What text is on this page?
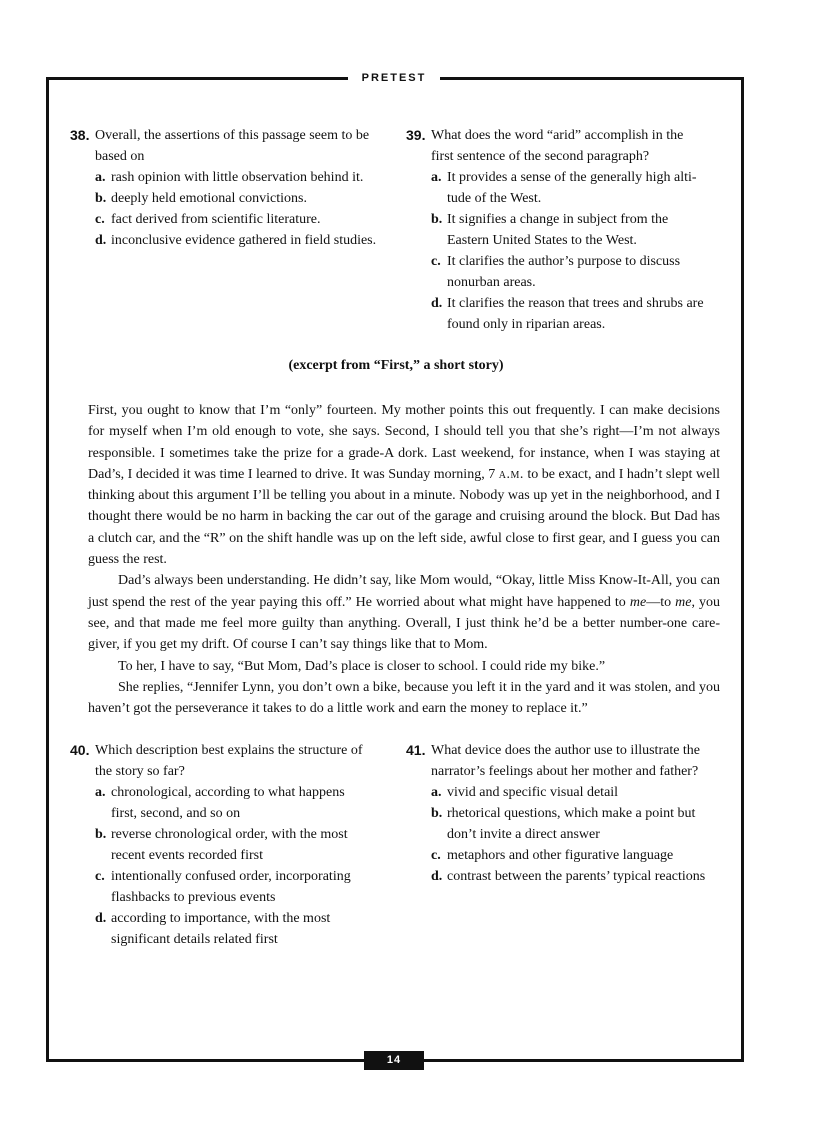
PRETEST
14
38. Overall, the assertions of this passage seem to be
based on
a. rash opinion with little observation behind it.
b. deeply held emotional convictions.
c. fact derived from scientific literature.
d. inconclusive evidence gathered in field studies.
39. What does the word “arid” accomplish in the
first sentence of the second paragraph?
a. It provides a sense of the generally high alti-
tude of the West.
b. It signifies a change in subject from the
Eastern United States to the West.
c. It clarifies the author’s purpose to discuss
nonurban areas.
d. It clarifies the reason that trees and shrubs are
found only in riparian areas.
(excerpt from “First,” a short story)

First, you ought to know that I’m “only” fourteen. My mother points this out frequently. I can make decisions for myself when I’m old enough to vote, she says. Second, I should tell you that she’s right—I’m not always responsible. I sometimes take the prize for a grade-A dork. Last weekend, for instance, when I was staying at Dad’s, I decided it was time I learned to drive. It was Sunday morning, 7 a.m. to be exact, and I hadn’t slept well thinking about this argument I’ll be telling you about in a minute. Nobody was up yet in the neighborhood, and I thought there would be no harm in backing the car out of the garage and cruising around the block. But Dad has a clutch car, and the “R” on the shift handle was up on the left side, awful close to first gear, and I guess you can guess the rest.

Dad’s always been understanding. He didn’t say, like Mom would, “Okay, little Miss Know-It-All, you can just spend the rest of the year paying this off.” He worried about what might have happened to me—to me, you see, and that made me feel more guilty than anything. Overall, I just think he’d be a better number-one caregiver, if you get my drift. Of course I can’t say things like that to Mom.

To her, I have to say, “But Mom, Dad’s place is closer to school. I could ride my bike.”

She replies, “Jennifer Lynn, you don’t own a bike, because you left it in the yard and it was stolen, and you haven’t got the perseverance it takes to do a little work and earn the money to replace it.”

40. Which description best explains the structure of
the story so far?
a. chronological, according to what happens
first, second, and so on
b. reverse chronological order, with the most
recent events recorded first
c. intentionally confused order, incorporating
flashbacks to previous events
d. according to importance, with the most
significant details related first
41. What device does the author use to illustrate the
narrator’s feelings about her mother and father?
a. vivid and specific visual detail
b. rhetorical questions, which make a point but
don’t invite a direct answer
c. metaphors and other figurative language
d. contrast between the parents’ typical reactions
